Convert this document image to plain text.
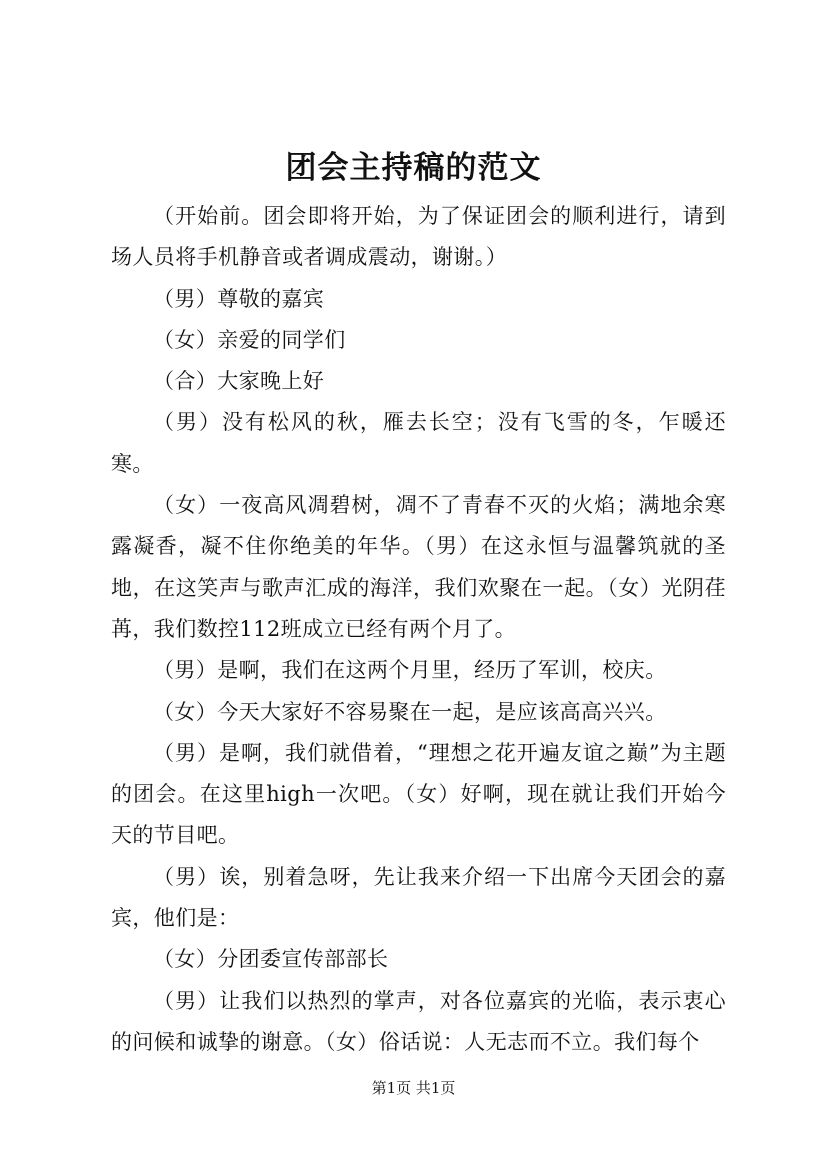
团会主持稿的范文

（开始前。团会即将开始，为了保证团会的顺利进行，请到场人员将手机静音或者调成震动，谢谢。）

（男）尊敬的嘉宾

（女）亲爱的同学们

（合）大家晚上好

（男）没有松风的秋，雁去长空；没有飞雪的冬，乍暖还寒。

（女）一夜高风凋碧树，凋不了青春不灭的火焰；满地余寒露凝香，凝不住你绝美的年华。（男）在这永恒与温馨筑就的圣地，在这笑声与歌声汇成的海洋，我们欢聚在一起。（女）光阴荏苒，我们数控112班成立已经有两个月了。

（男）是啊，我们在这两个月里，经历了军训，校庆。

（女）今天大家好不容易聚在一起，是应该高高兴兴。

（男）是啊，我们就借着，“理想之花开遍友谊之巅”为主题的团会。在这里high一次吧。（女）好啊，现在就让我们开始今天的节目吧。

（男）诶，别着急呀，先让我来介绍一下出席今天团会的嘉宾，他们是：

（女）分团委宣传部部长

（男）让我们以热烈的掌声，对各位嘉宾的光临，表示衷心的问候和诚挚的谢意。（女）俗话说：人无志而不立。我们每个

第1页 共1页
